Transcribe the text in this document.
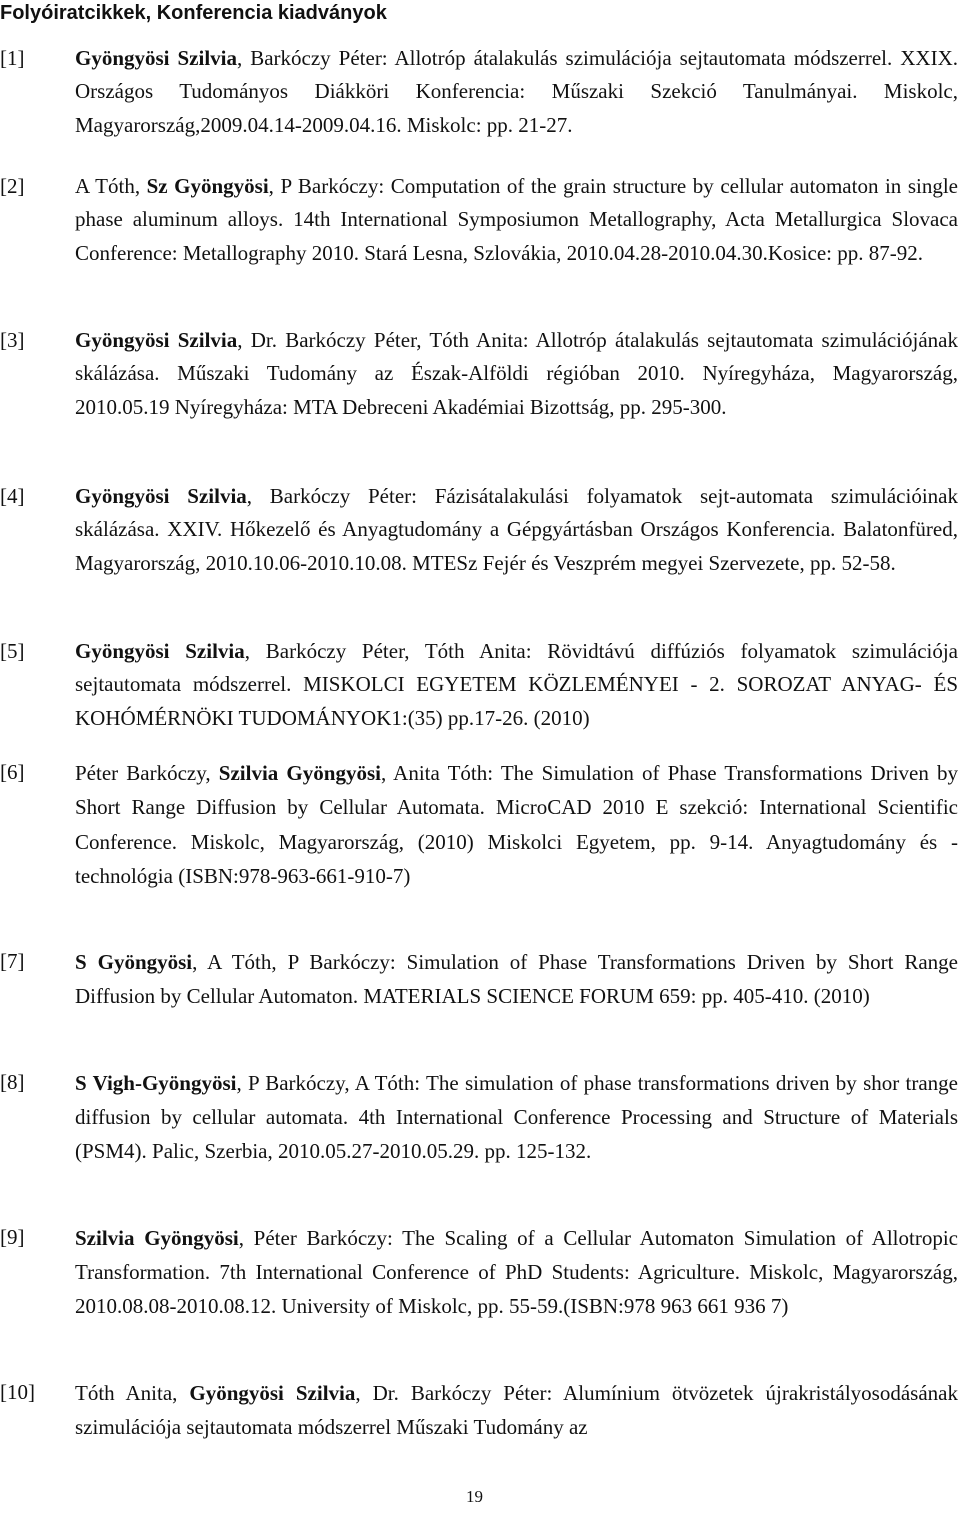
Folyóiratcikkek, Konferencia kiadványok
[1] Gyöngyösi Szilvia, Barkóczy Péter: Allotróp átalakulás szimulációja sejtautomata módszerrel. XXIX. Országos Tudományos Diákköri Konferencia: Műszaki Szekció Tanulmányai. Miskolc, Magyarország,2009.04.14-2009.04.16. Miskolc: pp. 21-27.
[2] A Tóth, Sz Gyöngyösi, P Barkóczy: Computation of the grain structure by cellular automaton in single phase aluminum alloys. 14th International Symposiumon Metallography, Acta Metallurgica Slovaca Conference: Metallography 2010. Stará Lesna, Szlovákia, 2010.04.28-2010.04.30.Kosice: pp. 87-92.
[3] Gyöngyösi Szilvia, Dr. Barkóczy Péter, Tóth Anita: Allotróp átalakulás sejtautomata szimulációjának skálázása. Műszaki Tudomány az Észak-Alföldi régióban 2010. Nyíregyháza, Magyarország, 2010.05.19 Nyíregyháza: MTA Debreceni Akadémiai Bizottság, pp. 295-300.
[4] Gyöngyösi Szilvia, Barkóczy Péter: Fázisátalakulási folyamatok sejt-automata szimulációinak skálázása. XXIV. Hőkezelő és Anyagtudomány a Gépgyártásban Országos Konferencia. Balatonfüred, Magyarország, 2010.10.06-2010.10.08. MTESz Fejér és Veszprém megyei Szervezete, pp. 52-58.
[5] Gyöngyösi Szilvia, Barkóczy Péter, Tóth Anita: Rövidtávú diffúziós folyamatok szimulációja sejtautomata módszerrel. MISKOLCI EGYETEM KÖZLEMÉNYEI - 2. SOROZAT ANYAG- ÉS KOHÓMÉRNÖKI TUDOMÁNYOK1:(35) pp.17-26. (2010)
[6] Péter Barkóczy, Szilvia Gyöngyösi, Anita Tóth: The Simulation of Phase Transformations Driven by Short Range Diffusion by Cellular Automata. MicroCAD 2010 E szekció: International Scientific Conference. Miskolc, Magyarország, (2010) Miskolci Egyetem, pp. 9-14. Anyagtudomány és -technológia (ISBN:978-963-661-910-7)
[7] S Gyöngyösi, A Tóth, P Barkóczy: Simulation of Phase Transformations Driven by Short Range Diffusion by Cellular Automaton. MATERIALS SCIENCE FORUM 659: pp. 405-410. (2010)
[8] S Vigh-Gyöngyösi, P Barkóczy, A Tóth: The simulation of phase transformations driven by shor trange diffusion by cellular automata. 4th International Conference Processing and Structure of Materials (PSM4). Palic, Szerbia, 2010.05.27-2010.05.29. pp. 125-132.
[9] Szilvia Gyöngyösi, Péter Barkóczy: The Scaling of a Cellular Automaton Simulation of Allotropic Transformation. 7th International Conference of PhD Students: Agriculture. Miskolc, Magyarország, 2010.08.08-2010.08.12. University of Miskolc, pp. 55-59.(ISBN:978 963 661 936 7)
[10] Tóth Anita, Gyöngyösi Szilvia, Dr. Barkóczy Péter: Alumínium ötvözetek újrakristályosodásának szimulációja sejtautomata módszerrel Műszaki Tudomány az
19
